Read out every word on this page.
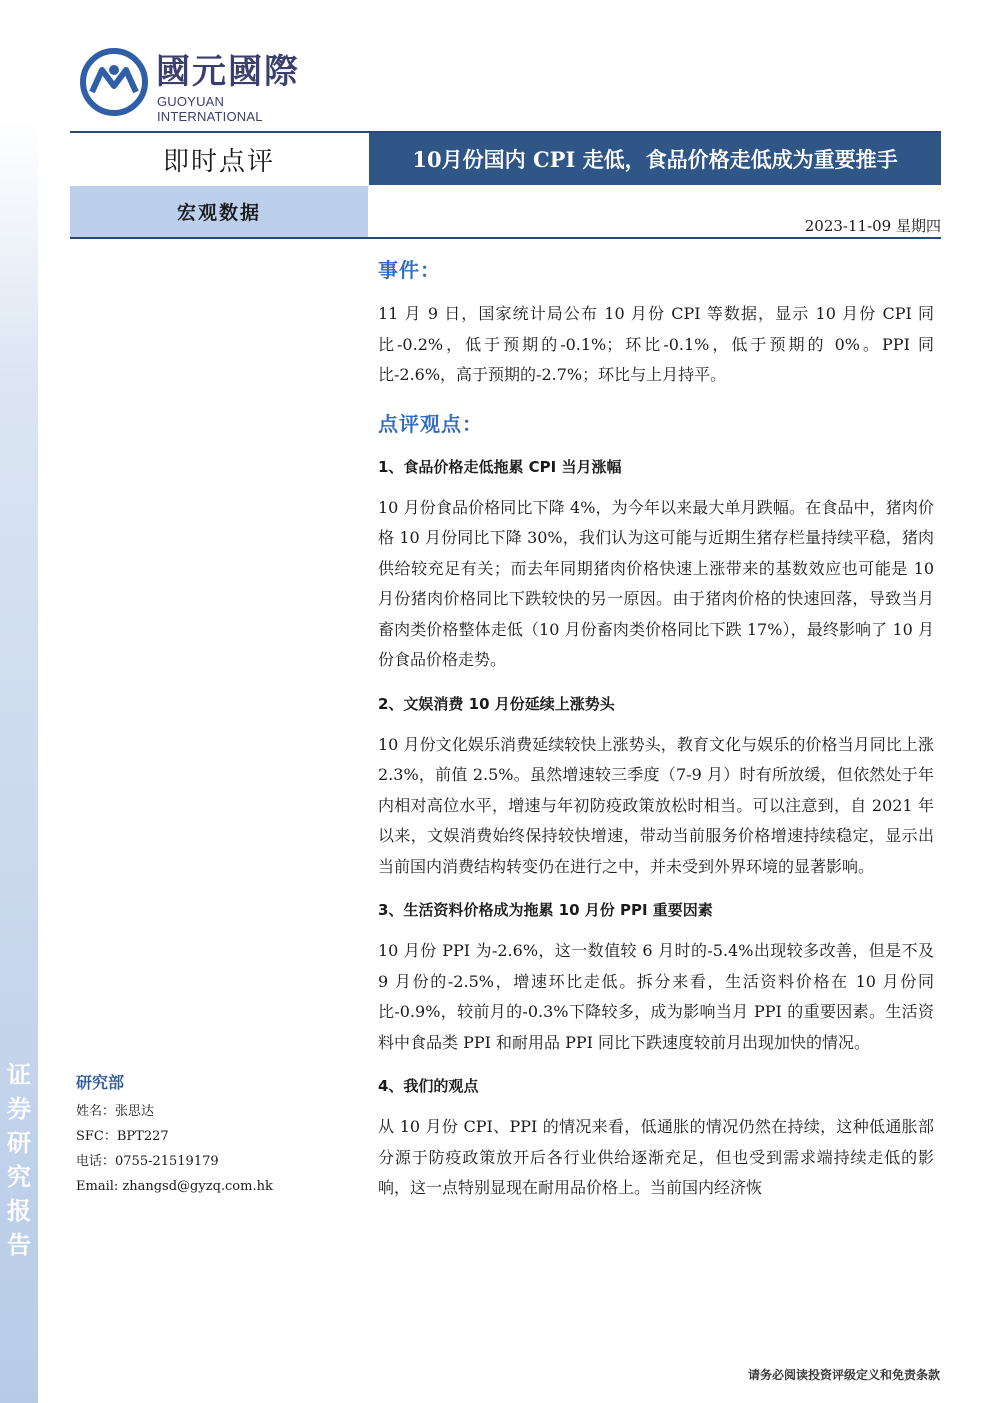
证
券
研
究
报
告
國元國際
GUOYUAN INTERNATIONAL
即时点评	10月份国内 CPI 走低，食品价格走低成为重要推手
宏观数据
2023-11-09 星期四
事件：

11 月 9 日，国家统计局公布 10 月份 CPI 等数据，显示 10 月份 CPI 同比-0.2%，低于预期的-0.1%；环比-0.1%，低于预期的 0%。PPI 同比-2.6%，高于预期的-2.7%；环比与上月持平。

点评观点：
1、食品价格走低拖累 CPI 当月涨幅

10 月份食品价格同比下降 4%，为今年以来最大单月跌幅。在食品中，猪肉价格 10 月份同比下降 30%，我们认为这可能与近期生猪存栏量持续平稳，猪肉供给较充足有关；而去年同期猪肉价格快速上涨带来的基数效应也可能是 10 月份猪肉价格同比下跌较快的另一原因。由于猪肉价格的快速回落，导致当月畜肉类价格整体走低（10 月份畜肉类价格同比下跌 17%），最终影响了 10 月份食品价格走势。

2、文娱消费 10 月份延续上涨势头

10 月份文化娱乐消费延续较快上涨势头，教育文化与娱乐的价格当月同比上涨 2.3%，前值 2.5%。虽然增速较三季度（7-9 月）时有所放缓，但依然处于年内相对高位水平，增速与年初防疫政策放松时相当。可以注意到，自 2021 年以来，文娱消费始终保持较快增速，带动当前服务价格增速持续稳定，显示出当前国内消费结构转变仍在进行之中，并未受到外界环境的显著影响。

3、生活资料价格成为拖累 10 月份 PPI 重要因素

10 月份 PPI 为-2.6%，这一数值较 6 月时的-5.4%出现较多改善，但是不及 9 月份的-2.5%，增速环比走低。拆分来看，生活资料价格在 10 月份同比-0.9%，较前月的-0.3%下降较多，成为影响当月 PPI 的重要因素。生活资料中食品类 PPI 和耐用品 PPI 同比下跌速度较前月出现加快的情况。

4、我们的观点

从 10 月份 CPI、PPI 的情况来看，低通胀的情况仍然在持续，这种低通胀部分源于防疫政策放开后各行业供给逐渐充足，但也受到需求端持续走低的影响，这一点特别显现在耐用品价格上。当前国内经济恢

研究部
姓名：张思达
SFC：BPT227
电话：0755-21519179
Email: zhangsd@gyzq.com.hk
请务必阅读投资评级定义和免责条款
